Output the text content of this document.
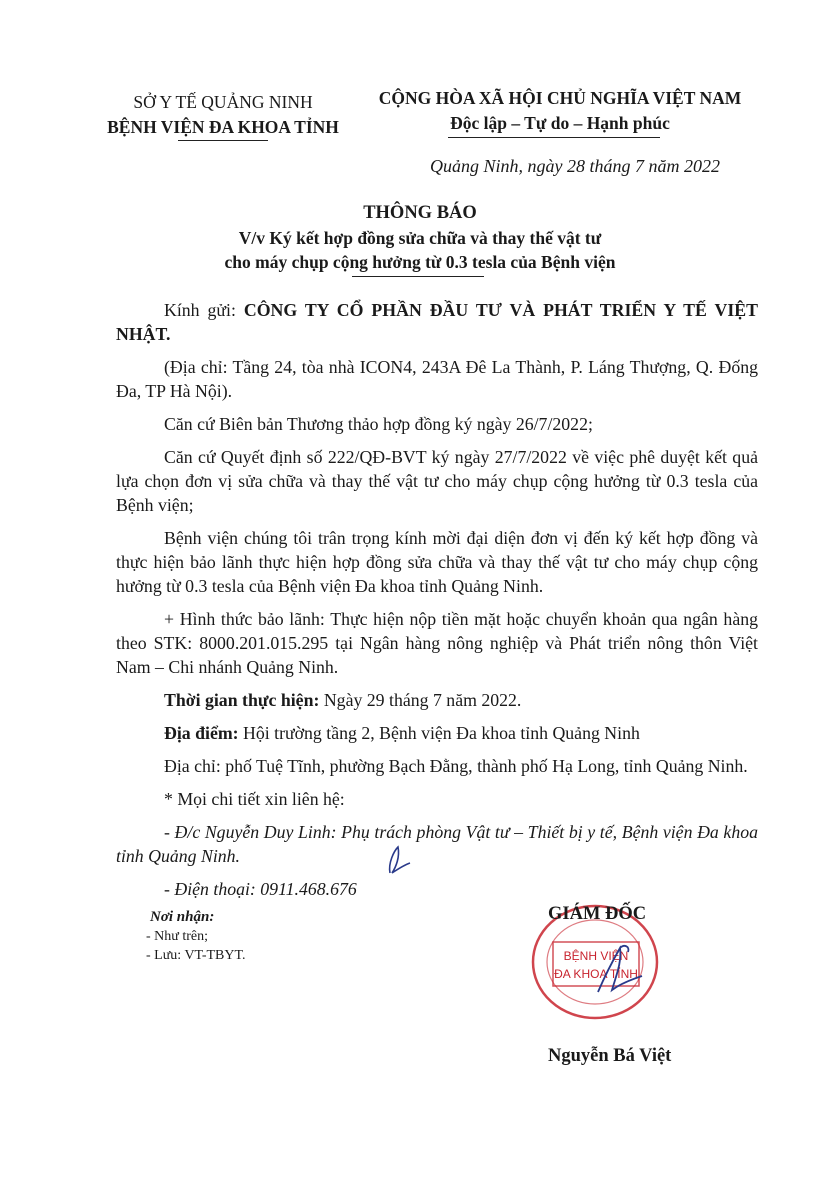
SỞ Y TẾ QUẢNG NINH
BỆNH VIỆN ĐA KHOA TỈNH
CỘNG HÒA XÃ HỘI CHỦ NGHĨA VIỆT NAM
Độc lập – Tự do – Hạnh phúc
Quảng Ninh, ngày 28 tháng 7 năm 2022
THÔNG BÁO
V/v Ký kết hợp đồng sửa chữa và thay thế vật tư
cho máy chụp cộng hưởng từ 0.3 tesla của Bệnh viện

Kính gửi: CÔNG TY CỔ PHẦN ĐẦU TƯ VÀ PHÁT TRIỂN Y TẾ VIỆT NHẬT.

(Địa chỉ: Tầng 24, tòa nhà ICON4, 243A Đê La Thành, P. Láng Thượng, Q. Đống Đa, TP Hà Nội).

Căn cứ Biên bản Thương thảo hợp đồng ký ngày 26/7/2022;

Căn cứ Quyết định số 222/QĐ-BVT ký ngày 27/7/2022 về việc phê duyệt kết quả lựa chọn đơn vị sửa chữa và thay thế vật tư cho máy chụp cộng hưởng từ 0.3 tesla của Bệnh viện;

Bệnh viện chúng tôi trân trọng kính mời đại diện đơn vị đến ký kết hợp đồng và thực hiện bảo lãnh thực hiện hợp đồng sửa chữa và thay thế vật tư cho máy chụp cộng hưởng từ 0.3 tesla của Bệnh viện Đa khoa tỉnh Quảng Ninh.

+ Hình thức bảo lãnh: Thực hiện nộp tiền mặt hoặc chuyển khoản qua ngân hàng theo STK: 8000.201.015.295 tại Ngân hàng nông nghiệp và Phát triển nông thôn Việt Nam – Chi nhánh Quảng Ninh.

Thời gian thực hiện: Ngày 29 tháng 7 năm 2022.

Địa điểm: Hội trường tầng 2, Bệnh viện Đa khoa tỉnh Quảng Ninh

Địa chỉ: phố Tuệ Tĩnh, phường Bạch Đằng, thành phố Hạ Long, tỉnh Quảng Ninh.

* Mọi chi tiết xin liên hệ:

- Đ/c Nguyễn Duy Linh: Phụ trách phòng Vật tư – Thiết bị y tế, Bệnh viện Đa khoa tỉnh Quảng Ninh.

- Điện thoại: 0911.468.676

Nơi nhận:
- Như trên;
- Lưu: VT-TBYT.	BỆNH VIỆN
ĐA KHOA TỈNH
GIÁM ĐỐC
Nguyễn Bá Việt
